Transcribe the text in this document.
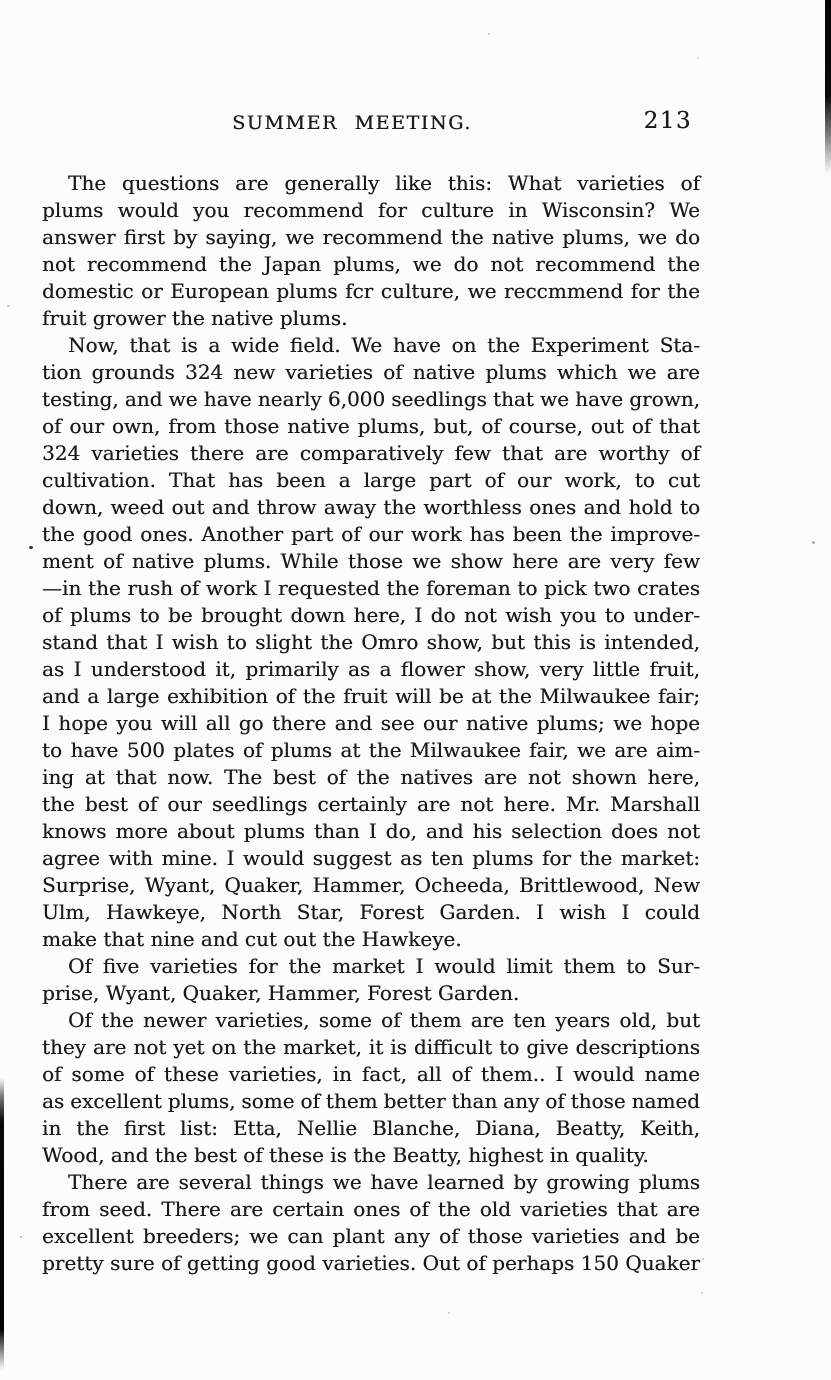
SUMMER MEETING.	213
The questions are generally like this: What varieties of
plums would you recommend for culture in Wisconsin? We
answer first by saying, we recommend the native plums, we do
not recommend the Japan plums, we do not recommend the
domestic or European plums fcr culture, we reccmmend for the
fruit grower the native plums.
Now, that is a wide field. We have on the Experiment Sta-
tion grounds 324 new varieties of native plums which we are
testing, and we have nearly 6,000 seedlings that we have grown,
of our own, from those native plums, but, of course, out of that
324 varieties there are comparatively few that are worthy of
cultivation. That has been a large part of our work, to cut
down, weed out and throw away the worthless ones and hold to
the good ones. Another part of our work has been the improve-
ment of native plums. While those we show here are very few
—in the rush of work I requested the foreman to pick two crates
of plums to be brought down here, I do not wish you to under-
stand that I wish to slight the Omro show, but this is intended,
as I understood it, primarily as a flower show, very little fruit,
and a large exhibition of the fruit will be at the Milwaukee fair;
I hope you will all go there and see our native plums; we hope
to have 500 plates of plums at the Milwaukee fair, we are aim-
ing at that now. The best of the natives are not shown here,
the best of our seedlings certainly are not here. Mr. Marshall
knows more about plums than I do, and his selection does not
agree with mine. I would suggest as ten plums for the market:
Surprise, Wyant, Quaker, Hammer, Ocheeda, Brittlewood, New
Ulm, Hawkeye, North Star, Forest Garden. I wish I could
make that nine and cut out the Hawkeye.
Of five varieties for the market I would limit them to Sur-
prise, Wyant, Quaker, Hammer, Forest Garden.
Of the newer varieties, some of them are ten years old, but
they are not yet on the market, it is difficult to give descriptions
of some of these varieties, in fact, all of them.. I would name
as excellent plums, some of them better than any of those named
in the first list: Etta, Nellie Blanche, Diana, Beatty, Keith,
Wood, and the best of these is the Beatty, highest in quality.
There are several things we have learned by growing plums
from seed. There are certain ones of the old varieties that are
excellent breeders; we can plant any of those varieties and be
pretty sure of getting good varieties. Out of perhaps 150 Quaker
